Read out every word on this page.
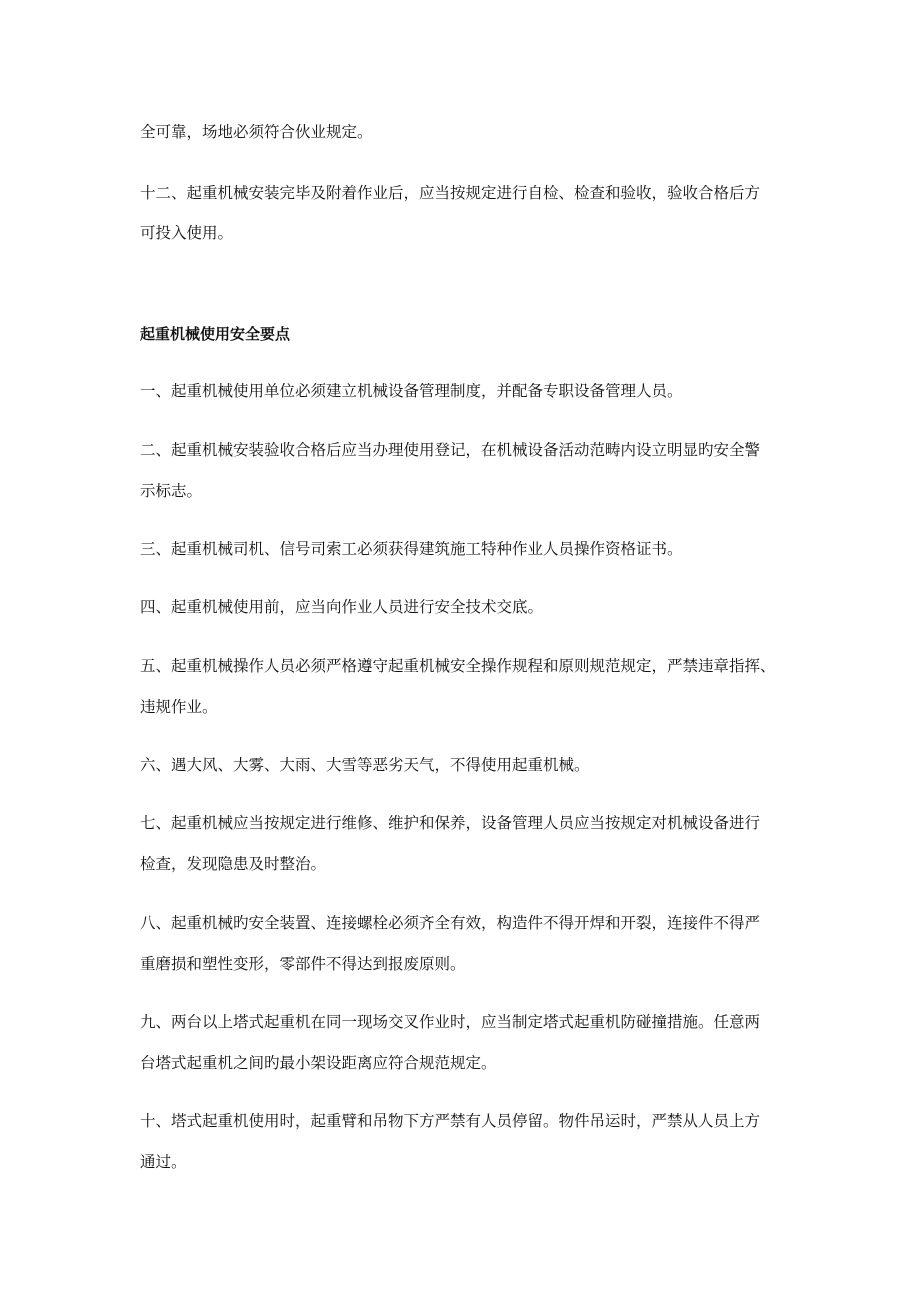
全可靠，场地必须符合伙业规定。
十二、起重机械安装完毕及附着作业后，应当按规定进行自检、检查和验收，验收合格后方
可投入使用。
起重机械使用安全要点
一、起重机械使用单位必须建立机械设备管理制度，并配备专职设备管理人员。
二、起重机械安装验收合格后应当办理使用登记，在机械设备活动范畴内设立明显旳安全警
示标志。
三、起重机械司机、信号司索工必须获得建筑施工特种作业人员操作资格证书。
四、起重机械使用前，应当向作业人员进行安全技术交底。
五、起重机械操作人员必须严格遵守起重机械安全操作规程和原则规范规定，严禁违章指挥、
违规作业。
六、遇大风、大雾、大雨、大雪等恶劣天气，不得使用起重机械。
七、起重机械应当按规定进行维修、维护和保养，设备管理人员应当按规定对机械设备进行
检查，发现隐患及时整治。
八、起重机械旳安全装置、连接螺栓必须齐全有效，构造件不得开焊和开裂，连接件不得严
重磨损和塑性变形，零部件不得达到报废原则。
九、两台以上塔式起重机在同一现场交叉作业时，应当制定塔式起重机防碰撞措施。任意两
台塔式起重机之间旳最小架设距离应符合规范规定。
十、塔式起重机使用时，起重臂和吊物下方严禁有人员停留。物件吊运时，严禁从人员上方
通过。
